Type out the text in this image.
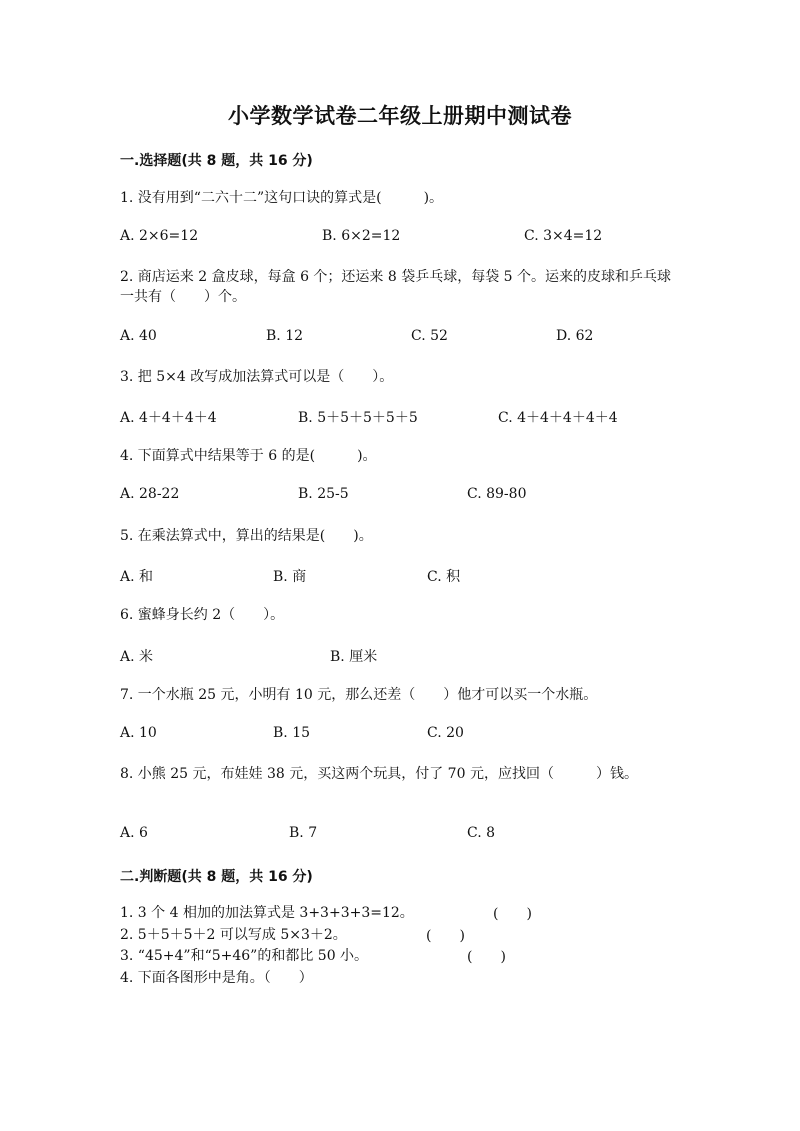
小学数学试卷二年级上册期中测试卷
一.选择题(共 8 题，共 16 分)
1. 没有用到“二六十二”这句口诀的算式是(　　　)。
A. 2×6=12	B. 6×2=12	C. 3×4=12
2. 商店运来 2 盒皮球，每盒 6 个；还运来 8 袋乒乓球，每袋 5 个。运来的皮球和乒乓球一共有（　　）个。
A. 40	B. 12	C. 52	D. 62
3. 把 5×4 改写成加法算式可以是（　　）。
A. 4＋4＋4＋4	B. 5＋5＋5＋5＋5	C. 4＋4＋4＋4＋4
4. 下面算式中结果等于 6 的是(　　　)。
A. 28-22	B. 25-5	C. 89-80
5. 在乘法算式中，算出的结果是(　　)。
A. 和	B. 商	C. 积
6. 蜜蜂身长约 2（　　）。
A. 米	B. 厘米
7. 一个水瓶 25 元，小明有 10 元，那么还差（　　）他才可以买一个水瓶。
A. 10	B. 15	C. 20
8. 小熊 25 元，布娃娃 38 元，买这两个玩具，付了 70 元，应找回（　　　）钱。
A. 6	B. 7	C. 8
二.判断题(共 8 题，共 16 分)
1. 3 个 4 相加的加法算式是 3+3+3+3=12。	(　　)
2. 5＋5＋5＋2 可以写成 5×3＋2。	(　　)
3. “45+4”和“5+46”的和都比 50 小。	(　　)
4. 下面各图形中是角。（　　）
